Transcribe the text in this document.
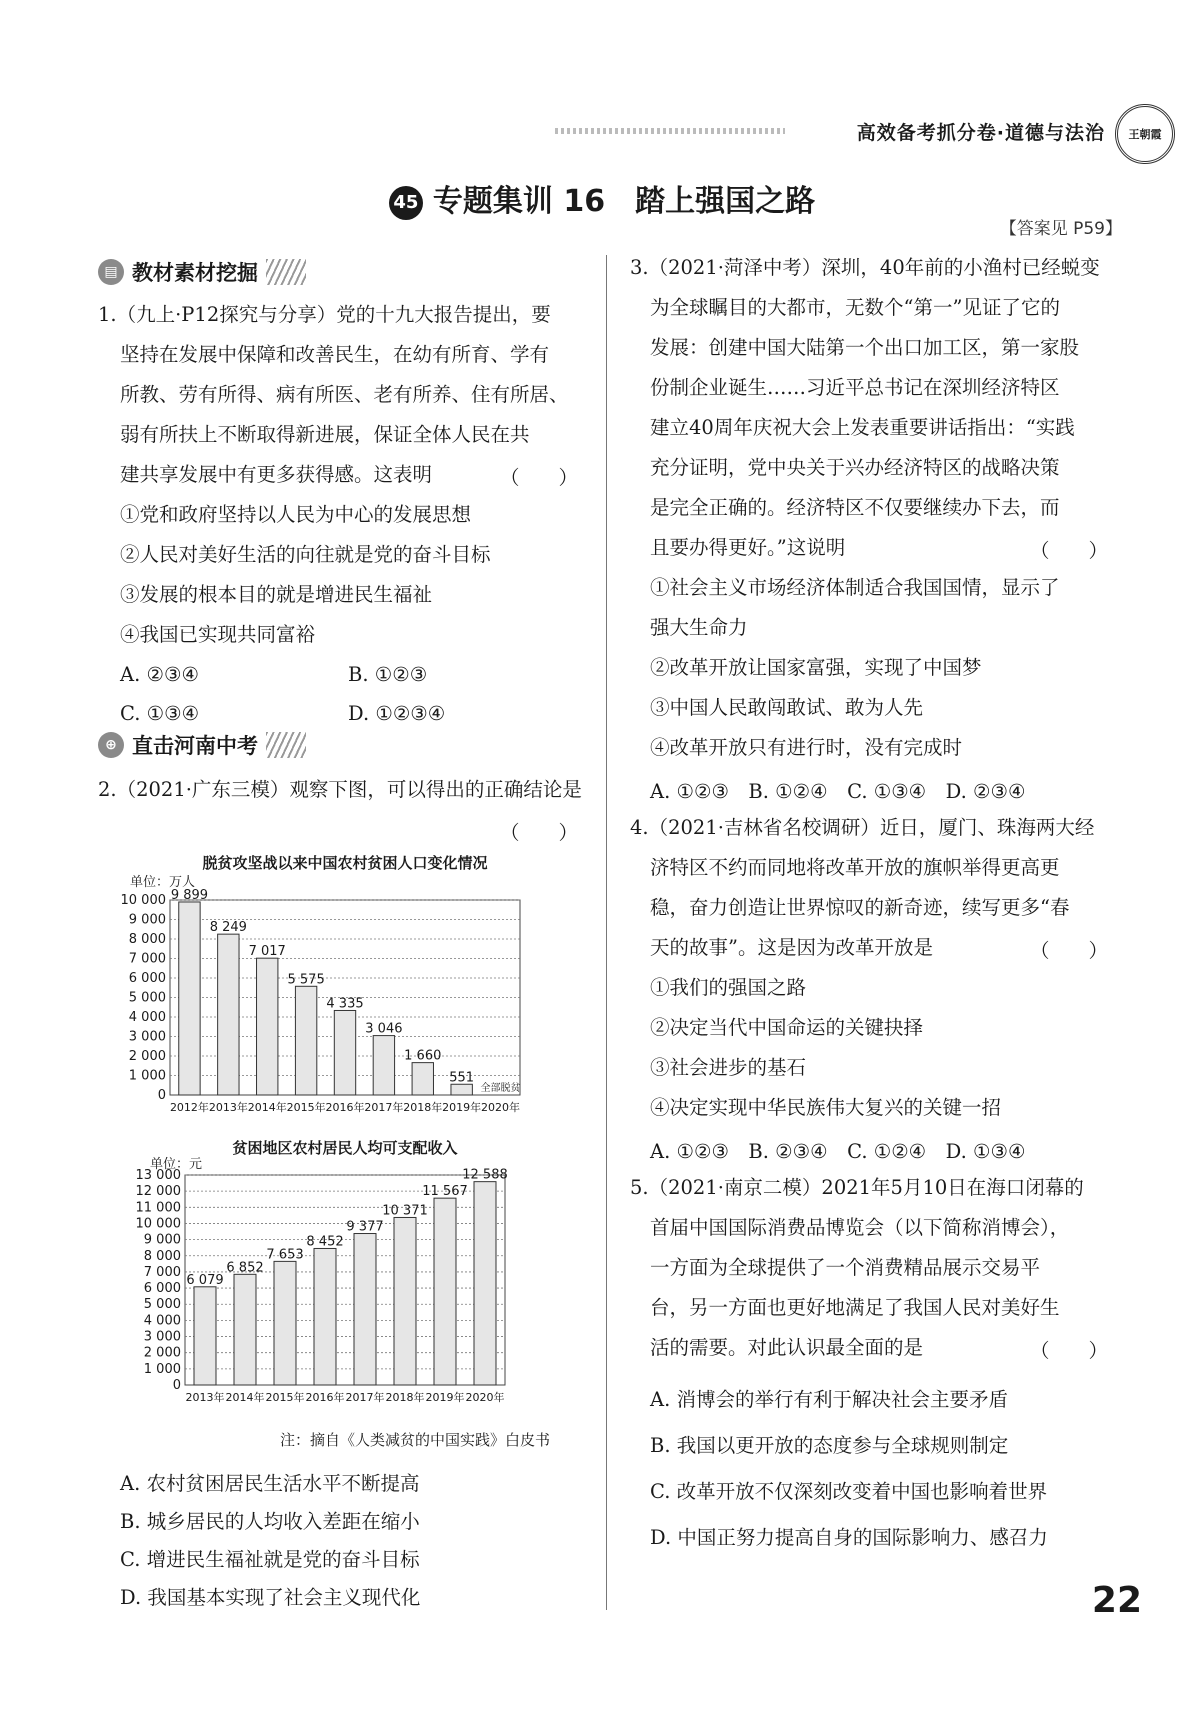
高效备考抓分卷·道德与法治	王朝霞
45 专题集训 16　踏上强国之路
【答案见 P59】
▤ 教材素材挖掘
1.（九上·P12探究与分享）党的十九大报告提出，要
坚持在发展中保障和改善民生，在幼有所育、学有
所教、劳有所得、病有所医、老有所养、住有所居、
弱有所扶上不断取得新进展，保证全体人民在共
建共享发展中有更多获得感。这表明	（　　）
①党和政府坚持以人民为中心的发展思想
②人民对美好生活的向往就是党的奋斗目标
③发展的根本目的就是增进民生福祉
④我国已实现共同富裕
A. ②③④	B. ①②③
C. ①③④	D. ①②③④
⊕ 直击河南中考
2.（2021·广东三模）观察下图，可以得出的正确结论是
（　　）
脱贫攻坚战以来中国农村贫困人口变化情况
单位：万人
0
1 000
2 000
3 000
4 000
5 000
6 000
7 000
8 000
9 000
10 000 9 899
2012年
8 249
2013年
7 017
2014年
5 575
2015年
4 335
2016年
3 046
2017年
1 660
2018年
551
2019年
全部脱贫
2020年
贫困地区农村居民人均可支配收入
单位：元
0
1 000
2 000
3 000
4 000
5 000
6 000
7 000
8 000
9 000
10 000
11 000
12 000
13 000
6 079
2013年
6 852
2014年
7 653
2015年
8 452
2016年
9 377
2017年
10 371
2018年
11 567
2019年
12 588
2020年
注：摘自《人类减贫的中国实践》白皮书
A. 农村贫困居民生活水平不断提高
B. 城乡居民的人均收入差距在缩小
C. 增进民生福祉就是党的奋斗目标
D. 我国基本实现了社会主义现代化
3.（2021·菏泽中考）深圳，40年前的小渔村已经蜕变
为全球瞩目的大都市，无数个“第一”见证了它的
发展：创建中国大陆第一个出口加工区，第一家股
份制企业诞生……习近平总书记在深圳经济特区
建立40周年庆祝大会上发表重要讲话指出：“实践
充分证明，党中央关于兴办经济特区的战略决策
是完全正确的。经济特区不仅要继续办下去，而
且要办得更好。”这说明	（　　）
①社会主义市场经济体制适合我国国情，显示了
强大生命力
②改革开放让国家富强，实现了中国梦
③中国人民敢闯敢试、敢为人先
④改革开放只有进行时，没有完成时
A. ①②③　B. ①②④　C. ①③④　D. ②③④
4.（2021·吉林省名校调研）近日，厦门、珠海两大经
济特区不约而同地将改革开放的旗帜举得更高更
稳，奋力创造让世界惊叹的新奇迹，续写更多“春
天的故事”。这是因为改革开放是	（　　）
①我们的强国之路
②决定当代中国命运的关键抉择
③社会进步的基石
④决定实现中华民族伟大复兴的关键一招
A. ①②③　B. ②③④　C. ①②④　D. ①③④
5.（2021·南京二模）2021年5月10日在海口闭幕的
首届中国国际消费品博览会（以下简称消博会），
一方面为全球提供了一个消费精品展示交易平
台，另一方面也更好地满足了我国人民对美好生
活的需要。对此认识最全面的是	（　　）
A. 消博会的举行有利于解决社会主要矛盾
B. 我国以更开放的态度参与全球规则制定
C. 改革开放不仅深刻改变着中国也影响着世界
D. 中国正努力提高自身的国际影响力、感召力
22
